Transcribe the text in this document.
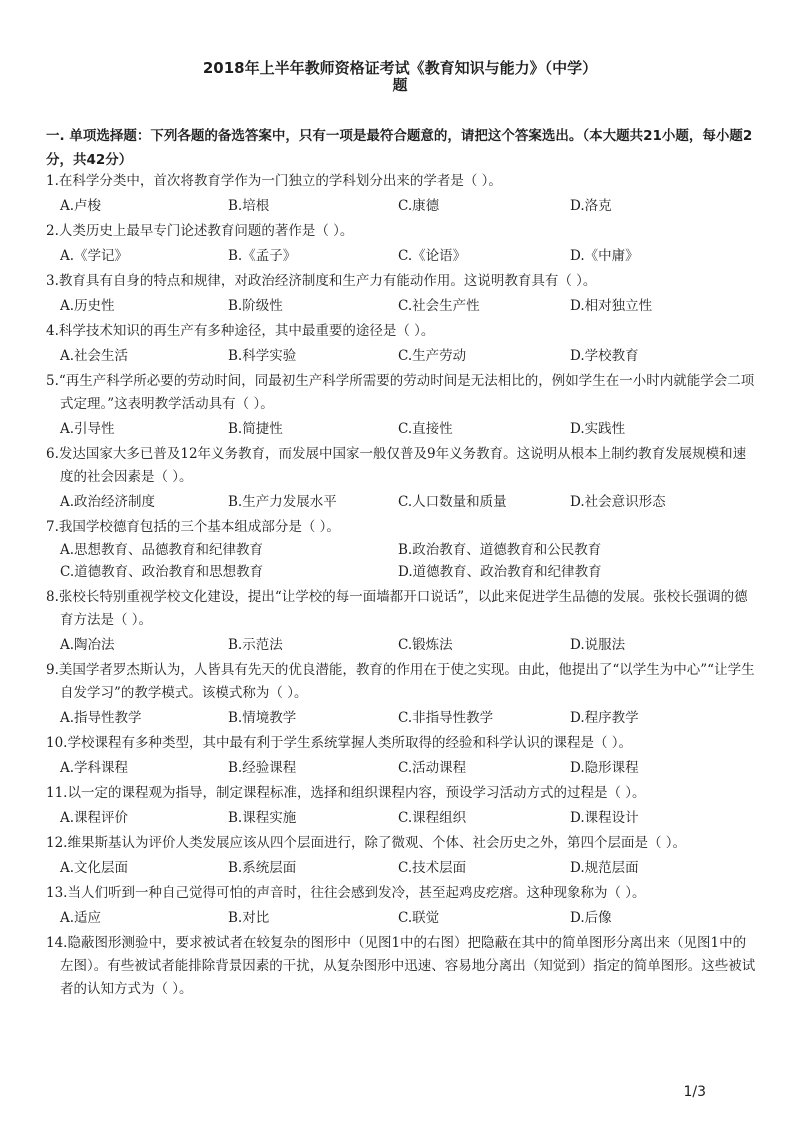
2018年上半年教师资格证考试《教育知识与能力》（中学）
题
一. 单项选择题：下列各题的备选答案中，只有一项是最符合题意的，请把这个答案选出。（本大题共21小题，每小题2分，共42分）
1.在科学分类中，首次将教育学作为一门独立的学科划分出来的学者是（ ）。
A.卢梭	B.培根	C.康德	D.洛克
2.人类历史上最早专门论述教育问题的著作是（ ）。
A.《学记》	B.《孟子》	C.《论语》	D.《中庸》
3.教育具有自身的特点和规律，对政治经济制度和生产力有能动作用。这说明教育具有（ ）。
A.历史性	B.阶级性	C.社会生产性	D.相对独立性
4.科学技术知识的再生产有多种途径，其中最重要的途径是（ ）。
A.社会生活	B.科学实验	C.生产劳动	D.学校教育
5.“再生产科学所必要的劳动时间，同最初生产科学所需要的劳动时间是无法相比的，例如学生在一小时内就能学会二项式定理。”这表明教学活动具有（ ）。
A.引导性	B.简捷性	C.直接性	D.实践性
6.发达国家大多已普及12年义务教育，而发展中国家一般仅普及9年义务教育。这说明从根本上制约教育发展规模和速度的社会因素是（ ）。
A.政治经济制度	B.生产力发展水平	C.人口数量和质量	D.社会意识形态
7.我国学校德育包括的三个基本组成部分是（ ）。
A.思想教育、品德教育和纪律教育	B.政治教育、道德教育和公民教育
C.道德教育、政治教育和思想教育	D.道德教育、政治教育和纪律教育
8.张校长特别重视学校文化建设，提出“让学校的每一面墙都开口说话”，以此来促进学生品德的发展。张校长强调的德育方法是（ ）。
A.陶冶法	B.示范法	C.锻炼法	D.说服法
9.美国学者罗杰斯认为，人皆具有先天的优良潜能，教育的作用在于使之实现。由此，他提出了“以学生为中心”“让学生自发学习”的教学模式。该模式称为（ ）。
A.指导性教学	B.情境教学	C.非指导性教学	D.程序教学
10.学校课程有多种类型，其中最有利于学生系统掌握人类所取得的经验和科学认识的课程是（ ）。
A.学科课程	B.经验课程	C.活动课程	D.隐形课程
11.以一定的课程观为指导，制定课程标准，选择和组织课程内容，预设学习活动方式的过程是（ ）。
A.课程评价	B.课程实施	C.课程组织	D.课程设计
12.维果斯基认为评价人类发展应该从四个层面进行，除了微观、个体、社会历史之外，第四个层面是（ ）。
A.文化层面	B.系统层面	C.技术层面	D.规范层面
13.当人们听到一种自己觉得可怕的声音时，往往会感到发冷，甚至起鸡皮疙瘩。这种现象称为（ ）。
A.适应	B.对比	C.联觉	D.后像
14.隐蔽图形测验中，要求被试者在较复杂的图形中（见图1中的右图）把隐蔽在其中的简单图形分离出来（见图1中的左图）。有些被试者能排除背景因素的干扰，从复杂图形中迅速、容易地分离出（知觉到）指定的简单图形。这些被试者的认知方式为（ ）。
1/3
